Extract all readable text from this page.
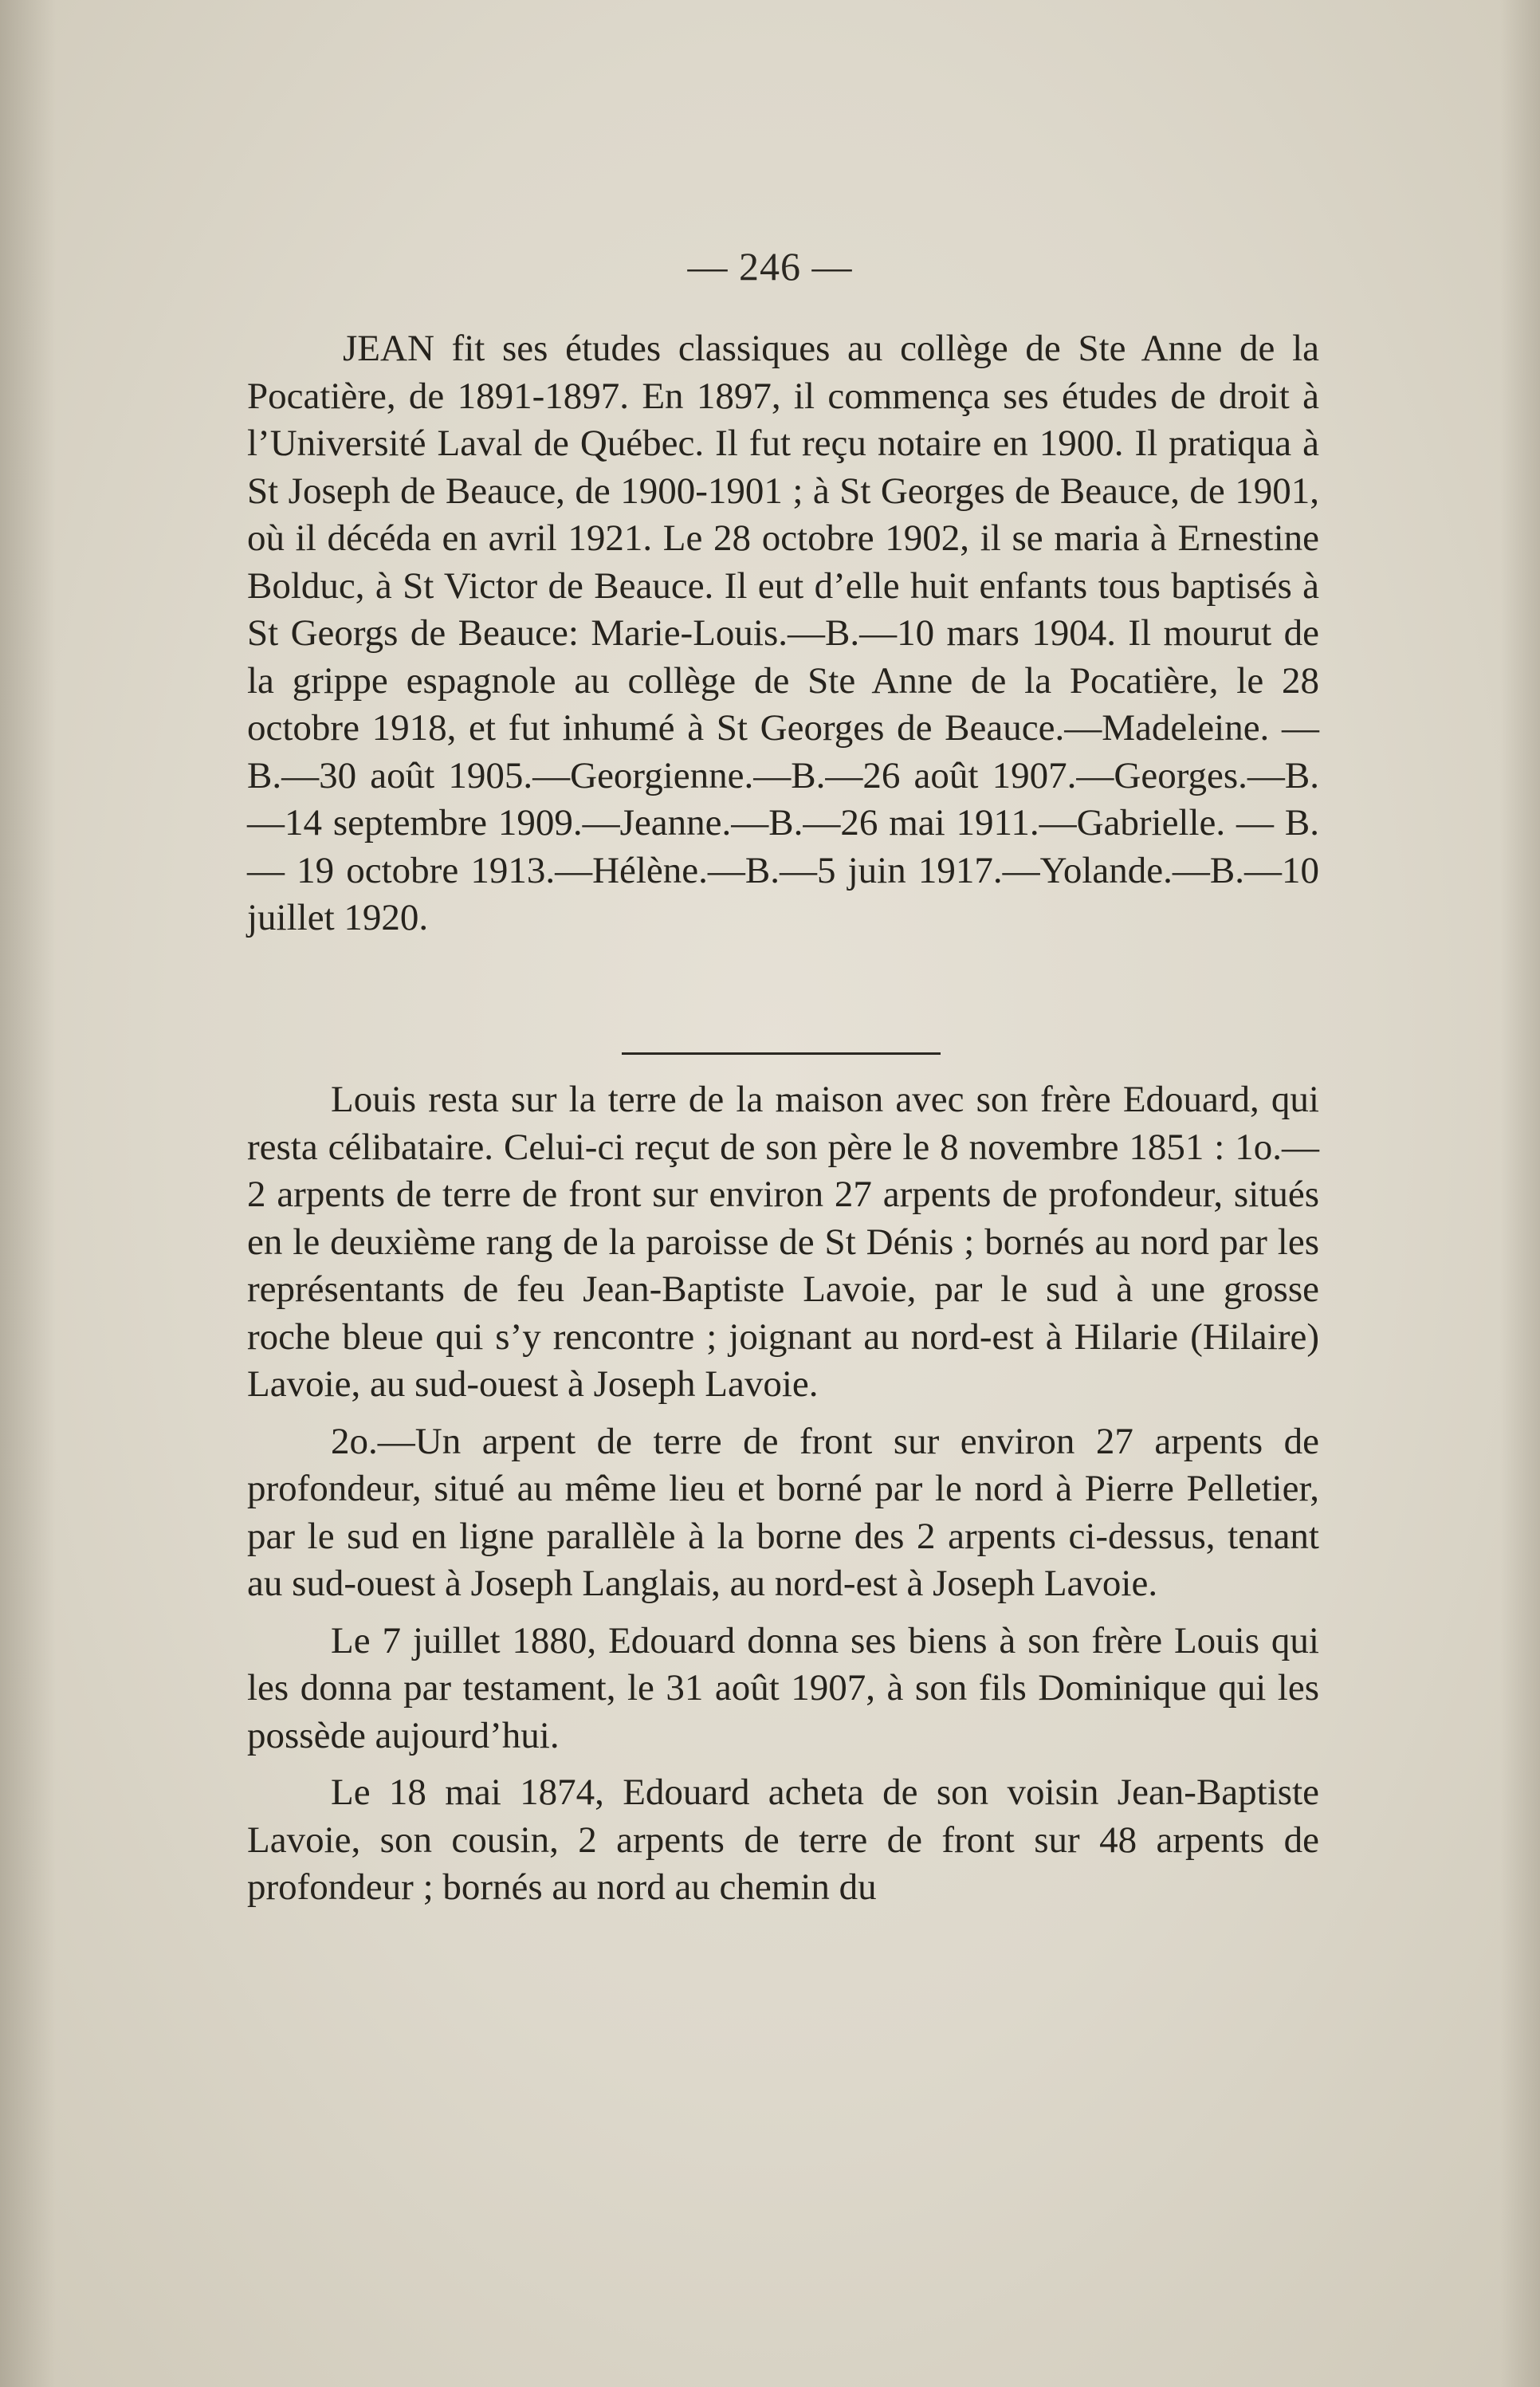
— 246 —

JEAN fit ses études classiques au collège de Ste Anne de la Pocatière, de 1891-1897. En 1897, il commença ses études de droit à l’Université Laval de Québec. Il fut reçu notaire en 1900. Il pratiqua à St Joseph de Beauce, de 1900-1901 ; à St Georges de Beauce, de 1901, où il décéda en avril 1921. Le 28 octobre 1902, il se maria à Ernestine Bolduc, à St Victor de Beauce. Il eut d’elle huit enfants tous baptisés à St Georgs de Beauce: Marie-Louis.—B.—10 mars 1904. Il mourut de la grippe espagnole au collège de Ste Anne de la Pocatière, le 28 octobre 1918, et fut inhumé à St Georges de Beauce.—Madeleine. —B.—30 août 1905.—Georgienne.—B.—26 août 1907.—Georges.—B.—14 septembre 1909.—Jeanne.—B.—26 mai 1911.—Gabrielle. — B. — 19 octobre 1913.—Hélène.—B.—5 juin 1917.—Yolande.—B.—10 juillet 1920.

Louis resta sur la terre de la maison avec son frère Edouard, qui resta célibataire. Celui-ci reçut de son père le 8 novembre 1851 : 1o.—2 arpents de terre de front sur environ 27 arpents de profondeur, situés en le deuxième rang de la paroisse de St Dénis ; bornés au nord par les représentants de feu Jean-Baptiste Lavoie, par le sud à une grosse roche bleue qui s’y rencontre ; joignant au nord-est à Hilarie (Hilaire) Lavoie, au sud-ouest à Joseph Lavoie.

2o.—Un arpent de terre de front sur environ 27 arpents de profondeur, situé au même lieu et borné par le nord à Pierre Pelletier, par le sud en ligne parallèle à la borne des 2 arpents ci-dessus, tenant au sud-ouest à Joseph Langlais, au nord-est à Joseph Lavoie.

Le 7 juillet 1880, Edouard donna ses biens à son frère Louis qui les donna par testament, le 31 août 1907, à son fils Dominique qui les possède aujourd’hui.

Le 18 mai 1874, Edouard acheta de son voisin Jean-Baptiste Lavoie, son cousin, 2 arpents de terre de front sur 48 arpents de profondeur ; bornés au nord au chemin du
